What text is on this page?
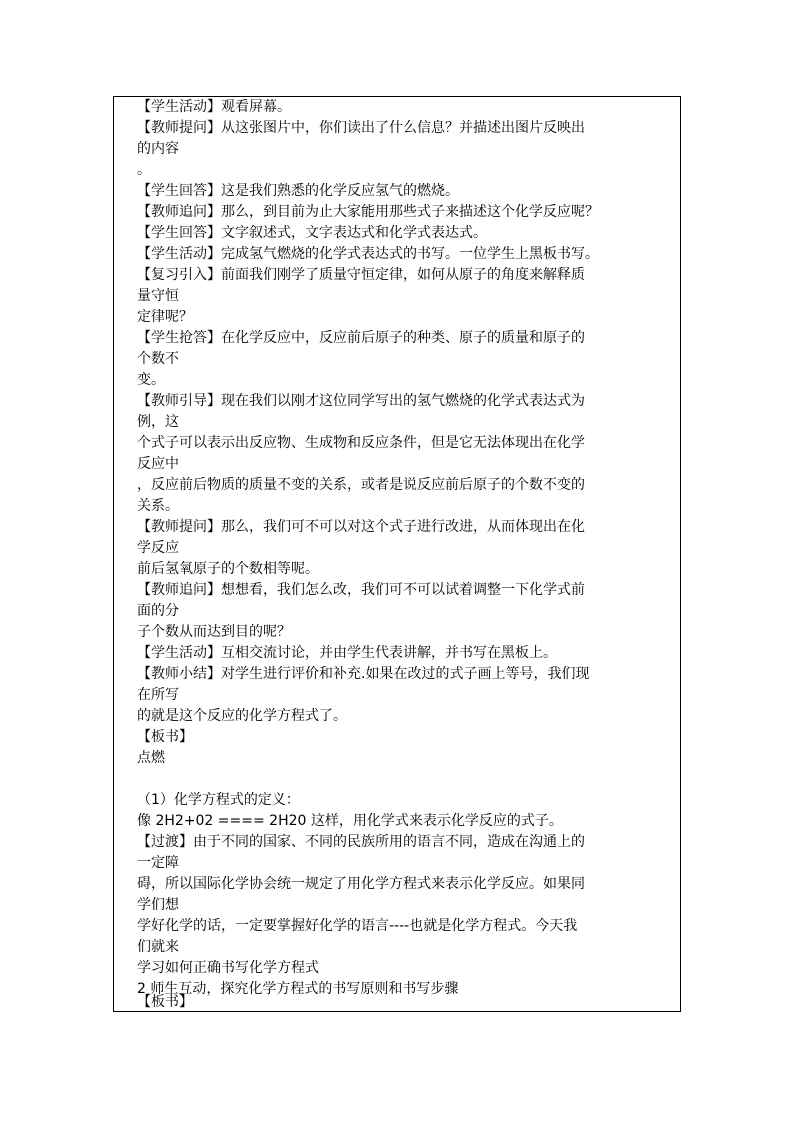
【学生活动】观看屏幕。
【教师提问】从这张图片中，你们读出了什么信息？并描述出图片反映出
的内容
。
【学生回答】这是我们熟悉的化学反应氢气的燃烧。
【教师追问】那么，到目前为止大家能用那些式子来描述这个化学反应呢？
【学生回答】文字叙述式，文字表达式和化学式表达式。
【学生活动】完成氢气燃烧的化学式表达式的书写。一位学生上黑板书写。
【复习引入】前面我们刚学了质量守恒定律，如何从原子的角度来解释质
量守恒
定律呢？
【学生抢答】在化学反应中，反应前后原子的种类、原子的质量和原子的
个数不
变。
【教师引导】现在我们以刚才这位同学写出的氢气燃烧的化学式表达式为
例，这
个式子可以表示出反应物、生成物和反应条件，但是它无法体现出在化学
反应中
，反应前后物质的质量不变的关系，或者是说反应前后原子的个数不变的
关系。
【教师提问】那么，我们可不可以对这个式子进行改进，从而体现出在化
学反应
前后氢氧原子的个数相等呢。
【教师追问】想想看，我们怎么改，我们可不可以试着调整一下化学式前
面的分
子个数从而达到目的呢？
【学生活动】互相交流讨论，并由学生代表讲解，并书写在黑板上。
【教师小结】对学生进行评价和补充.如果在改过的式子画上等号，我们现
在所写
的就是这个反应的化学方程式了。
【板书】
点燃
（1）化学方程式的定义：
像 2H2+02 ==== 2H20 这样，用化学式来表示化学反应的式子。
【过渡】由于不同的国家、不同的民族所用的语言不同，造成在沟通上的
一定障
碍，所以国际化学协会统一规定了用化学方程式来表示化学反应。如果同
学们想
学好化学的话，一定要掌握好化学的语言----也就是化学方程式。今天我
们就来
学习如何正确书写化学方程式
2 师生互动，探究化学方程式的书写原则和书写步骤
【板书】
